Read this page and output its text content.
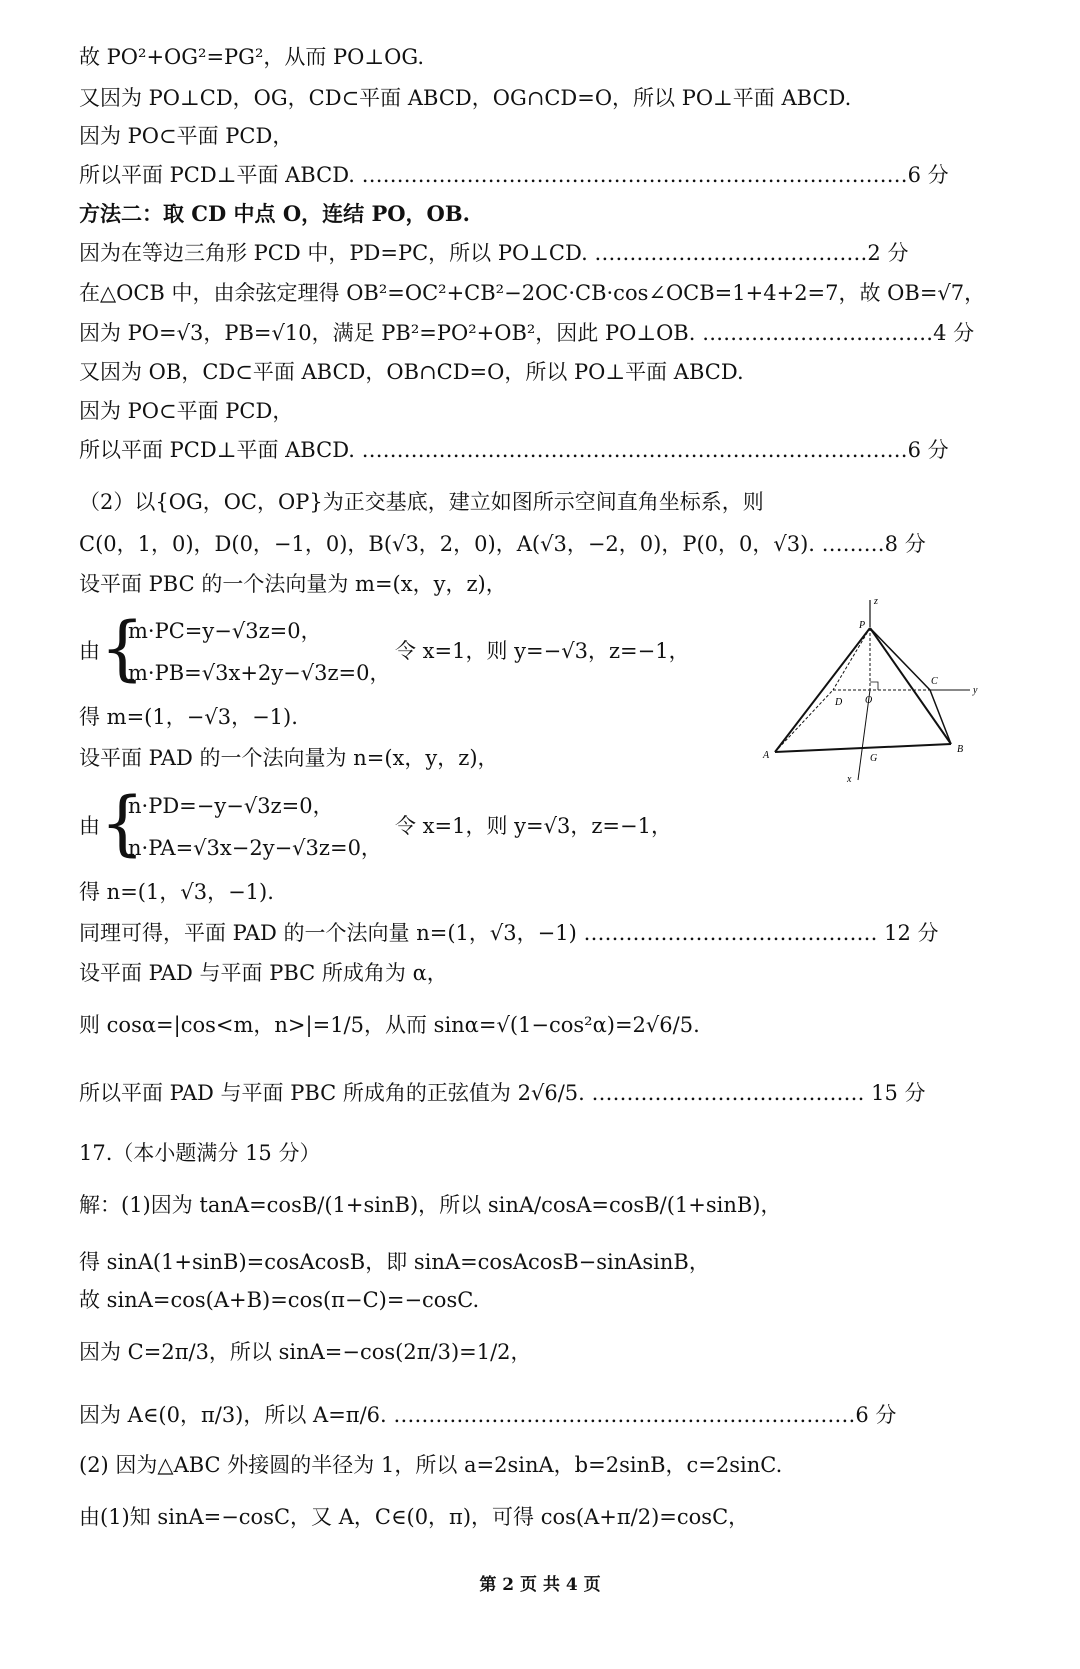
故 PO²+OG²=PG²，从而 PO⊥OG.
又因为 PO⊥CD，OG，CD⊂平面 ABCD，OG∩CD=O，所以 PO⊥平面 ABCD.
因为 PO⊂平面 PCD，
所以平面 PCD⊥平面 ABCD. ……………………………………………………………………6 分
方法二：取 CD 中点 O，连结 PO，OB.
因为在等边三角形 PCD 中，PD=PC，所以 PO⊥CD. …………………………………2 分
在△OCB 中，由余弦定理得 OB²=OC²+CB²−2OC·CB·cos∠OCB=1+4+2=7，故 OB=√7，
因为 PO=√3，PB=√10，满足 PB²=PO²+OB²，因此 PO⊥OB. ……………………………4 分
又因为 OB，CD⊂平面 ABCD，OB∩CD=O，所以 PO⊥平面 ABCD.
因为 PO⊂平面 PCD，
所以平面 PCD⊥平面 ABCD. ……………………………………………………………………6 分
（2）以{OG，OC，OP}为正交基底，建立如图所示空间直角坐标系，则
C(0，1，0)，D(0，−1，0)，B(√3，2，0)，A(√3，−2，0)，P(0，0，√3). ………8 分
设平面 PBC 的一个法向量为 m=(x，y，z)，
由 {
m·PC=y−√3z=0，
m·PB=√3x+2y−√3z=0，
令 x=1，则 y=−√3，z=−1，
得 m=(1，−√3，−1).
设平面 PAD 的一个法向量为 n=(x，y，z)，
由 {
n·PD=−y−√3z=0，
n·PA=√3x−2y−√3z=0，
令 x=1，则 y=√3，z=−1，
得 n=(1，√3，−1).
同理可得，平面 PAD 的一个法向量 n=(1，√3，−1) …………………………………… 12 分
设平面 PAD 与平面 PBC 所成角为 α，
则 cosα=|cos<m，n>|=1/5，从而 sinα=√(1−cos²α)=2√6/5.
所以平面 PAD 与平面 PBC 所成角的正弦值为 2√6/5. ………………………………… 15 分
17.（本小题满分 15 分）
解：(1)因为 tanA=cosB/(1+sinB)，所以 sinA/cosA=cosB/(1+sinB)，
得 sinA(1+sinB)=cosAcosB，即 sinA=cosAcosB−sinAsinB，
故 sinA=cos(A+B)=cos(π−C)=−cosC.
因为 C=2π/3，所以 sinA=−cos(2π/3)=1/2，
因为 A∈(0，π/3)，所以 A=π/6. …………………………………………………………6 分
(2) 因为△ABC 外接圆的半径为 1，所以 a=2sinA，b=2sinB，c=2sinC.
由(1)知 sinA=−cosC，又 A，C∈(0，π)，可得 cos(A+π/2)=cosC，
z
P
C
y
D O
A	G
B
x
第 2 页 共 4 页
